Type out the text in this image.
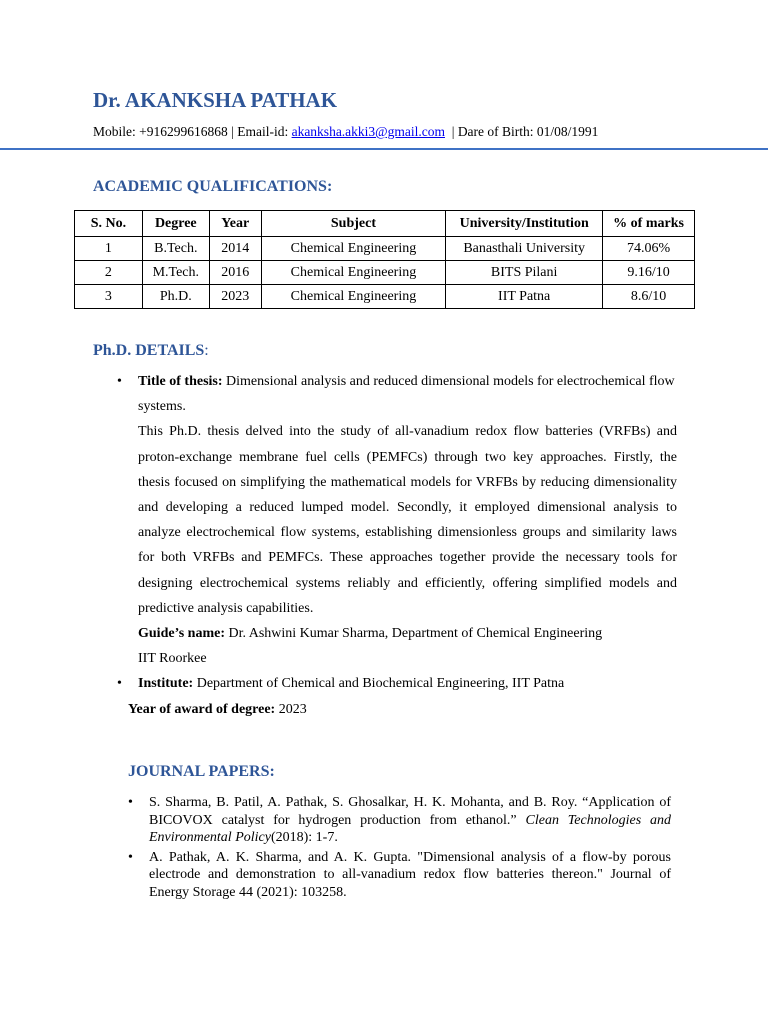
Dr. AKANKSHA PATHAK
Mobile: +916299616868 | Email-id: akanksha.akki3@gmail.com | Dare of Birth: 01/08/1991
ACADEMIC QUALIFICATIONS:
S. No.	Degree	Year	Subject	University/Institution	% of marks
1	B.Tech.	2014	Chemical Engineering	Banasthali University	74.06%
2	M.Tech.	2016	Chemical Engineering	BITS Pilani	9.16/10
3	Ph.D.	2023	Chemical Engineering	IIT Patna	8.6/10
Ph.D. DETAILS:
• Title of thesis: Dimensional analysis and reduced dimensional models for electrochemical flow systems.
This Ph.D. thesis delved into the study of all-vanadium redox flow batteries (VRFBs) and proton-exchange membrane fuel cells (PEMFCs) through two key approaches. Firstly, the thesis focused on simplifying the mathematical models for VRFBs by reducing dimensionality and developing a reduced lumped model. Secondly, it employed dimensional analysis to analyze electrochemical flow systems, establishing dimensionless groups and similarity laws for both VRFBs and PEMFCs. These approaches together provide the necessary tools for designing electrochemical systems reliably and efficiently, offering simplified models and predictive analysis capabilities.
Guide’s name: Dr. Ashwini Kumar Sharma, Department of Chemical Engineering
IIT Roorkee
• Institute: Department of Chemical and Biochemical Engineering, IIT Patna
Year of award of degree: 2023
JOURNAL PAPERS:
• S. Sharma, B. Patil, A. Pathak, S. Ghosalkar, H. K. Mohanta, and B. Roy. “Application of BICOVOX catalyst for hydrogen production from ethanol.” Clean Technologies and Environmental Policy(2018): 1-7.
• A. Pathak, A. K. Sharma, and A. K. Gupta. "Dimensional analysis of a flow-by porous electrode and demonstration to all-vanadium redox flow batteries thereon." Journal of Energy Storage 44 (2021): 103258.
